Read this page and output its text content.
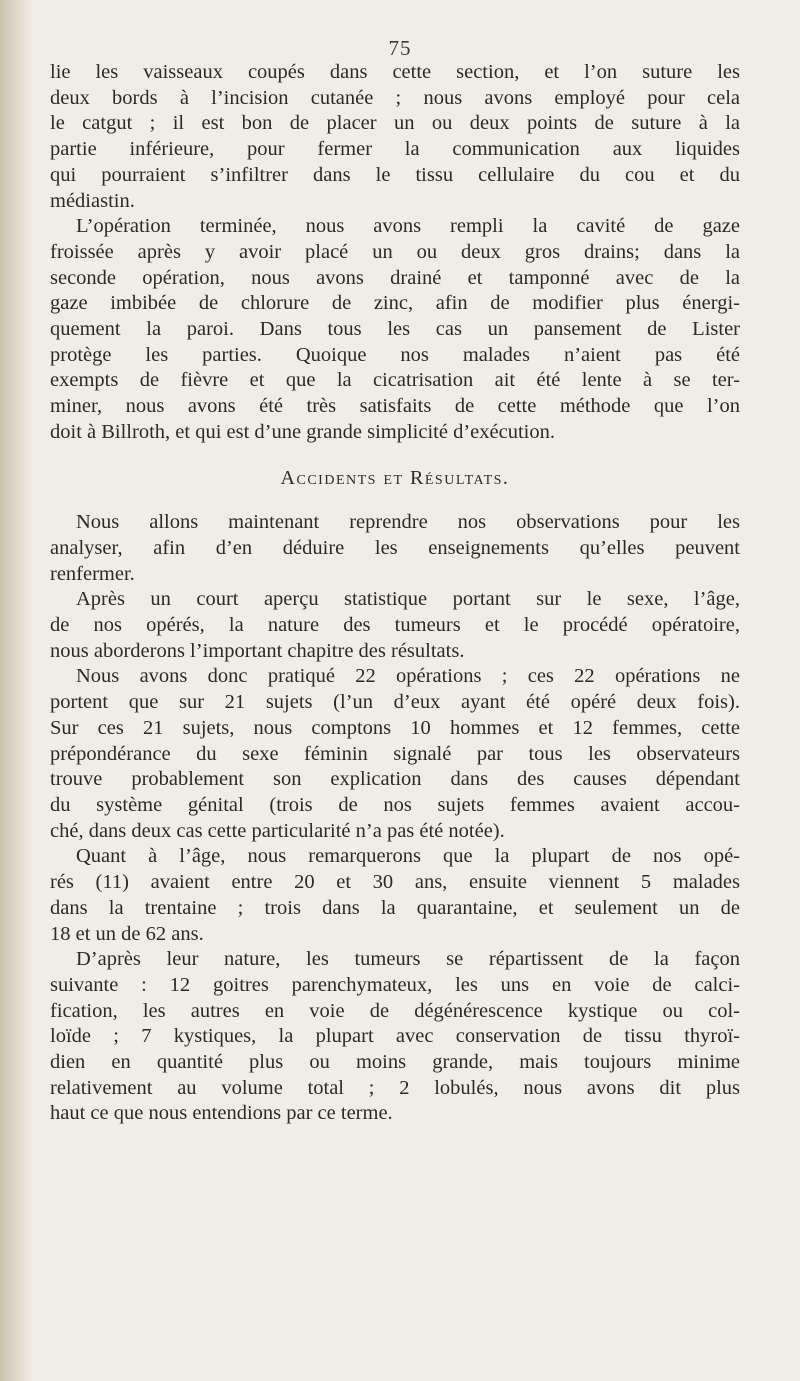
75
lie les vaisseaux coupés dans cette section, et l’on suture les
deux bords à l’incision cutanée ; nous avons employé pour cela
le catgut ; il est bon de placer un ou deux points de suture à la
partie inférieure, pour fermer la communication aux liquides
qui pourraient s’infiltrer dans le tissu cellulaire du cou et du
médiastin.
L’opération terminée, nous avons rempli la cavité de gaze
froissée après y avoir placé un ou deux gros drains; dans la
seconde opération, nous avons drainé et tamponné avec de la
gaze imbibée de chlorure de zinc, afin de modifier plus énergi-
quement la paroi. Dans tous les cas un pansement de Lister
protège les parties. Quoique nos malades n’aient pas été
exempts de fièvre et que la cicatrisation ait été lente à se ter-
miner, nous avons été très satisfaits de cette méthode que l’on
doit à Billroth, et qui est d’une grande simplicité d’exécution.
Accidents et Résultats.
Nous allons maintenant reprendre nos observations pour les
analyser, afin d’en déduire les enseignements qu’elles peuvent
renfermer.
Après un court aperçu statistique portant sur le sexe, l’âge,
de nos opérés, la nature des tumeurs et le procédé opératoire,
nous aborderons l’important chapitre des résultats.
Nous avons donc pratiqué 22 opérations ; ces 22 opérations ne
portent que sur 21 sujets (l’un d’eux ayant été opéré deux fois).
Sur ces 21 sujets, nous comptons 10 hommes et 12 femmes, cette
prépondérance du sexe féminin signalé par tous les observateurs
trouve probablement son explication dans des causes dépendant
du système génital (trois de nos sujets femmes avaient accou-
ché, dans deux cas cette particularité n’a pas été notée).
Quant à l’âge, nous remarquerons que la plupart de nos opé-
rés (11) avaient entre 20 et 30 ans, ensuite viennent 5 malades
dans la trentaine ; trois dans la quarantaine, et seulement un de
18 et un de 62 ans.
D’après leur nature, les tumeurs se répartissent de la façon
suivante : 12 goitres parenchymateux, les uns en voie de calci-
fication, les autres en voie de dégénérescence kystique ou col-
loïde ; 7 kystiques, la plupart avec conservation de tissu thyroï-
dien en quantité plus ou moins grande, mais toujours minime
relativement au volume total ; 2 lobulés, nous avons dit plus
haut ce que nous entendions par ce terme.
